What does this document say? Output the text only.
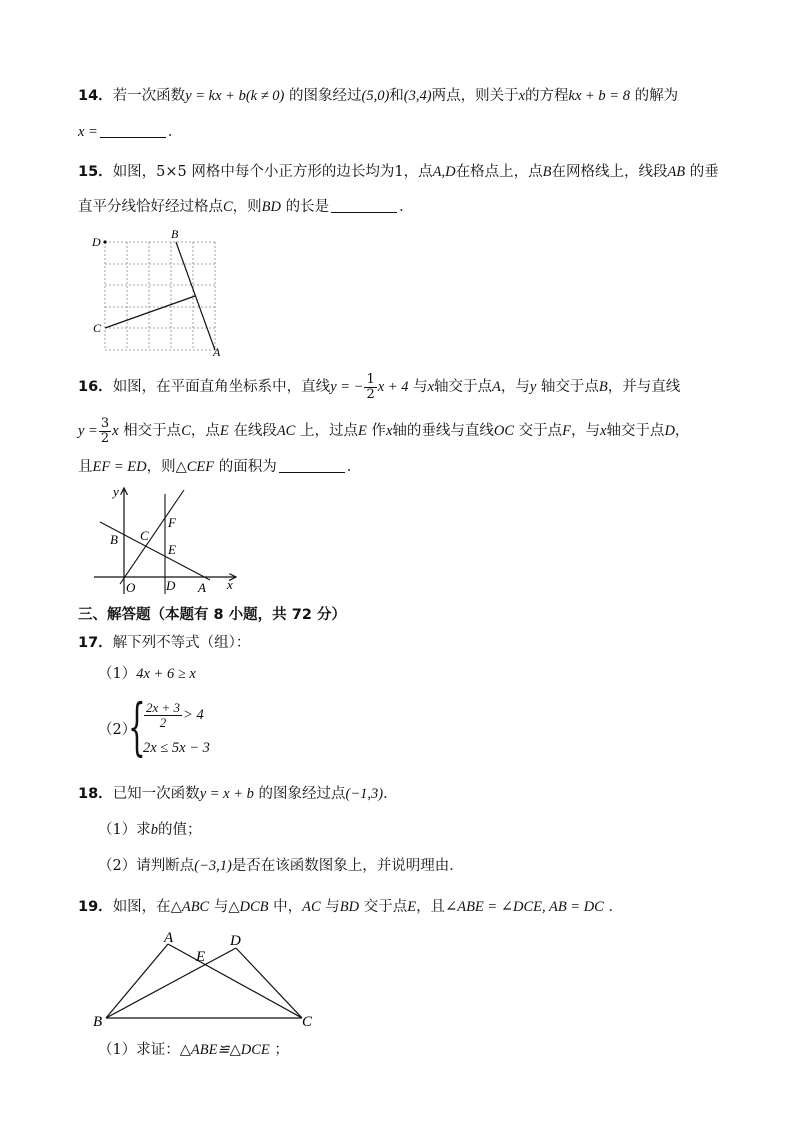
14．若一次函数y = kx + b(k ≠ 0) 的图象经过(5,0)和(3,4)两点，则关于x的方程kx + b = 8 的解为
x =	．
15．如图，5×5 网格中每个小正方形的边长均为1，点A,D在格点上，点B在网格线上，线段AB 的垂
直平分线恰好经过格点C，则BD 的长是	．
D
B
C
A
16．如图，在平面直角坐标系中，直线y = − $\frac{1}{2}$ x + 4 与x轴交于点A，与y 轴交于点B，并与直线
$y = \frac{3}{2}$ x 相交于点C，点E 在线段AC 上，过点E 作x轴的垂线与直线OC 交于点F，与x轴交于点D，
且EF = ED，则△CEF 的面积为	．
y
x
O D A
B C
E
F
三、解答题（本题有 8 小题，共 72 分）
17．解下列不等式（组）：
（1）4x + 6 ≥ x
（2）
{
$\frac{2x + 3}{2} > 4$
2x ≤ 5x − 3
18．已知一次函数y = x + b 的图象经过点(−1,3)．
（1）求b的值；
（2）请判断点(−3,1)是否在该函数图象上，并说明理由．
19．如图，在△ABC 与△DCB 中，AC 与BD 交于点E，且∠ABE = ∠DCE, AB = DC ．
A	D
E
B	C
（1）求证：△ABE≌△DCE ；
